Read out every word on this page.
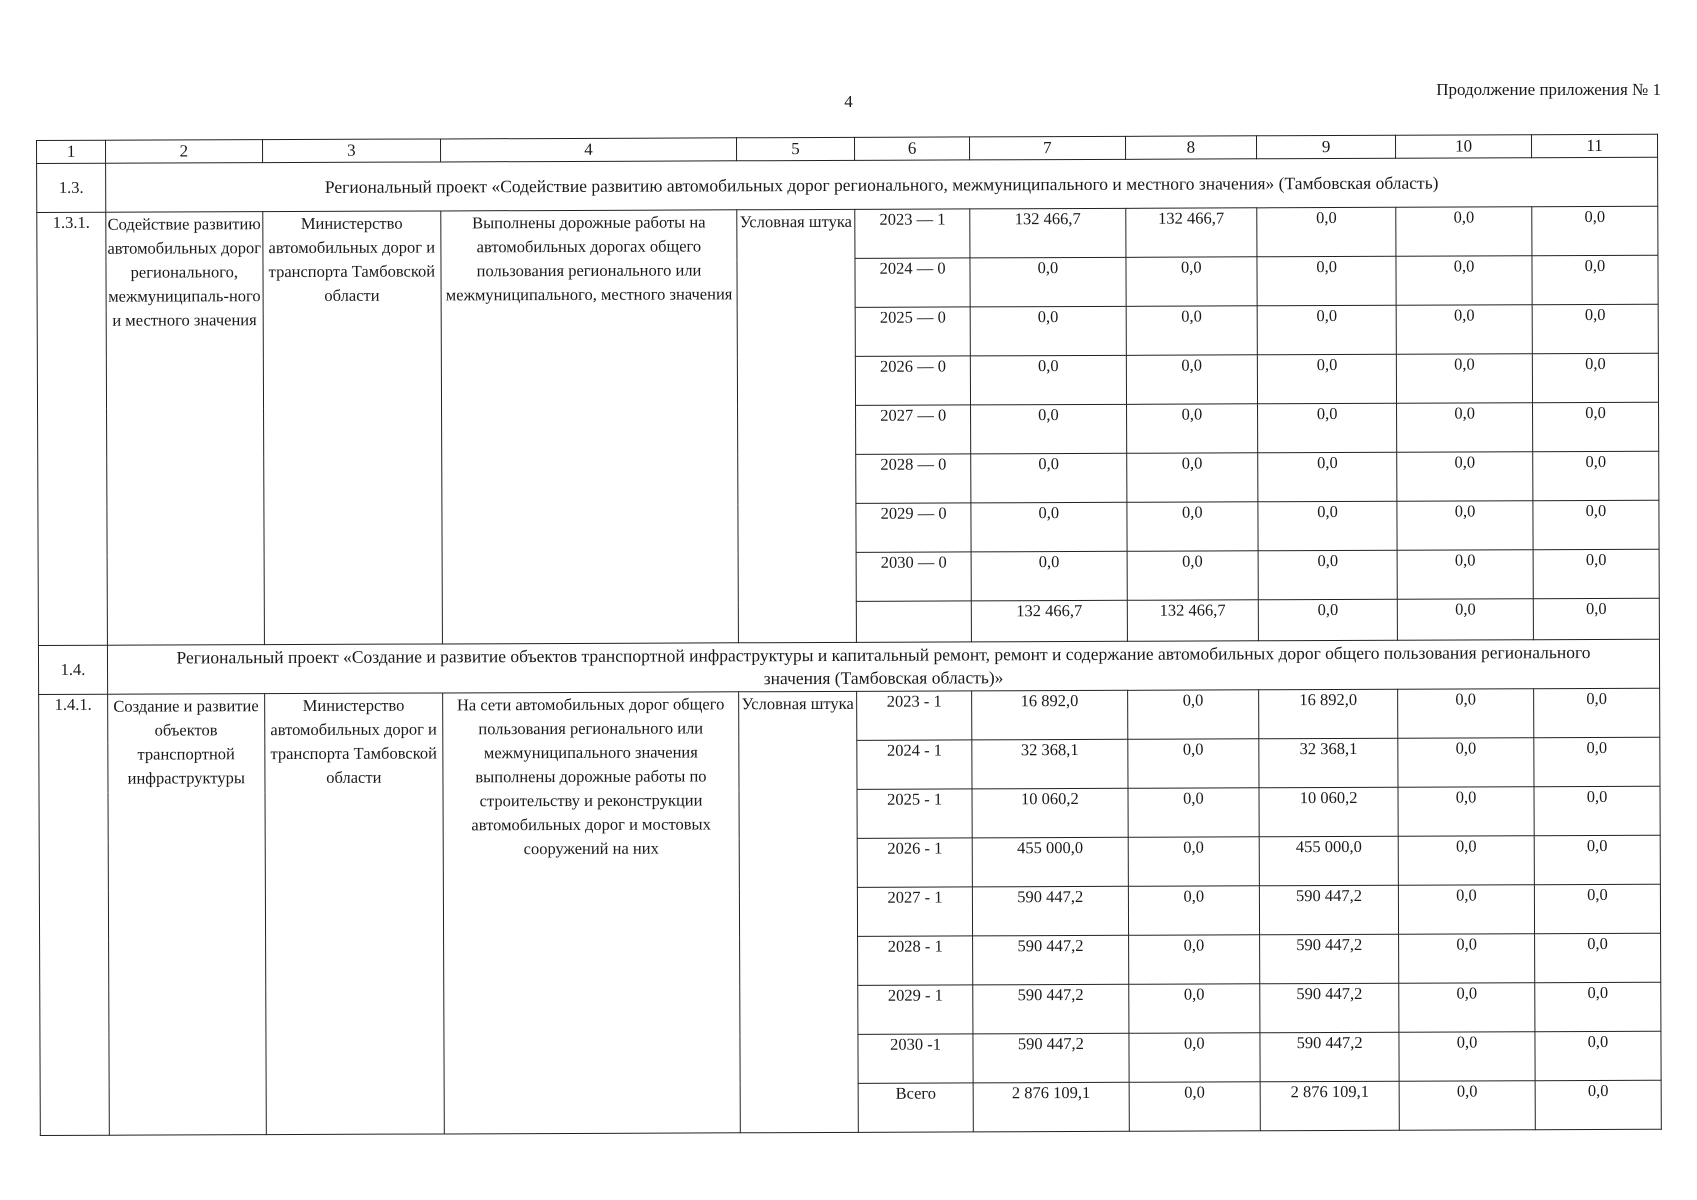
4
Продолжение приложения № 1
1	2	3	4	5	6	7	8	9	10	11
1.3.	Региональный проект «Содействие развитию автомобильных дорог регионального, межмуниципального и местного значения» (Тамбовская область)									
1.3.1.	Содействие развитию автомобильных дорог регионального, межмуниципаль-ного и местного значения	Министерство автомобильных дорог и транспорта Тамбовской области	Выполнены дорожные работы на автомобильных дорогах общего пользования регионального или межмуниципального, местного значения	Условная штука	2023 — 1	132 466,7	132 466,7	0,0	0,0	0,0
					2024 — 0	0,0	0,0	0,0	0,0	0,0
					2025 — 0	0,0	0,0	0,0	0,0	0,0
					2026 — 0	0,0	0,0	0,0	0,0	0,0
					2027 — 0	0,0	0,0	0,0	0,0	0,0
					2028 — 0	0,0	0,0	0,0	0,0	0,0
					2029 — 0	0,0	0,0	0,0	0,0	0,0
					2030 — 0	0,0	0,0	0,0	0,0	0,0
						132 466,7	132 466,7	0,0	0,0	0,0
1.4.	Региональный проект «Создание и развитие объектов транспортной инфраструктуры и капитальный ремонт, ремонт и содержание автомобильных дорог общего пользования регионального значения (Тамбовская область)»									
1.4.1.	Создание и развитие объектов транспортной инфраструктуры	Министерство автомобильных дорог и транспорта Тамбовской области	На сети автомобильных дорог общего пользования регионального или межмуниципального значения выполнены дорожные работы по строительству и реконструкции автомобильных дорог и мостовых сооружений на них	Условная штука	2023 - 1	16 892,0	0,0	16 892,0	0,0	0,0
					2024 - 1	32 368,1	0,0	32 368,1	0,0	0,0
					2025 - 1	10 060,2	0,0	10 060,2	0,0	0,0
					2026 - 1	455 000,0	0,0	455 000,0	0,0	0,0
					2027 - 1	590 447,2	0,0	590 447,2	0,0	0,0
					2028 - 1	590 447,2	0,0	590 447,2	0,0	0,0
					2029 - 1	590 447,2	0,0	590 447,2	0,0	0,0
					2030 -1	590 447,2	0,0	590 447,2	0,0	0,0
					Всего	2 876 109,1	0,0	2 876 109,1	0,0	0,0
